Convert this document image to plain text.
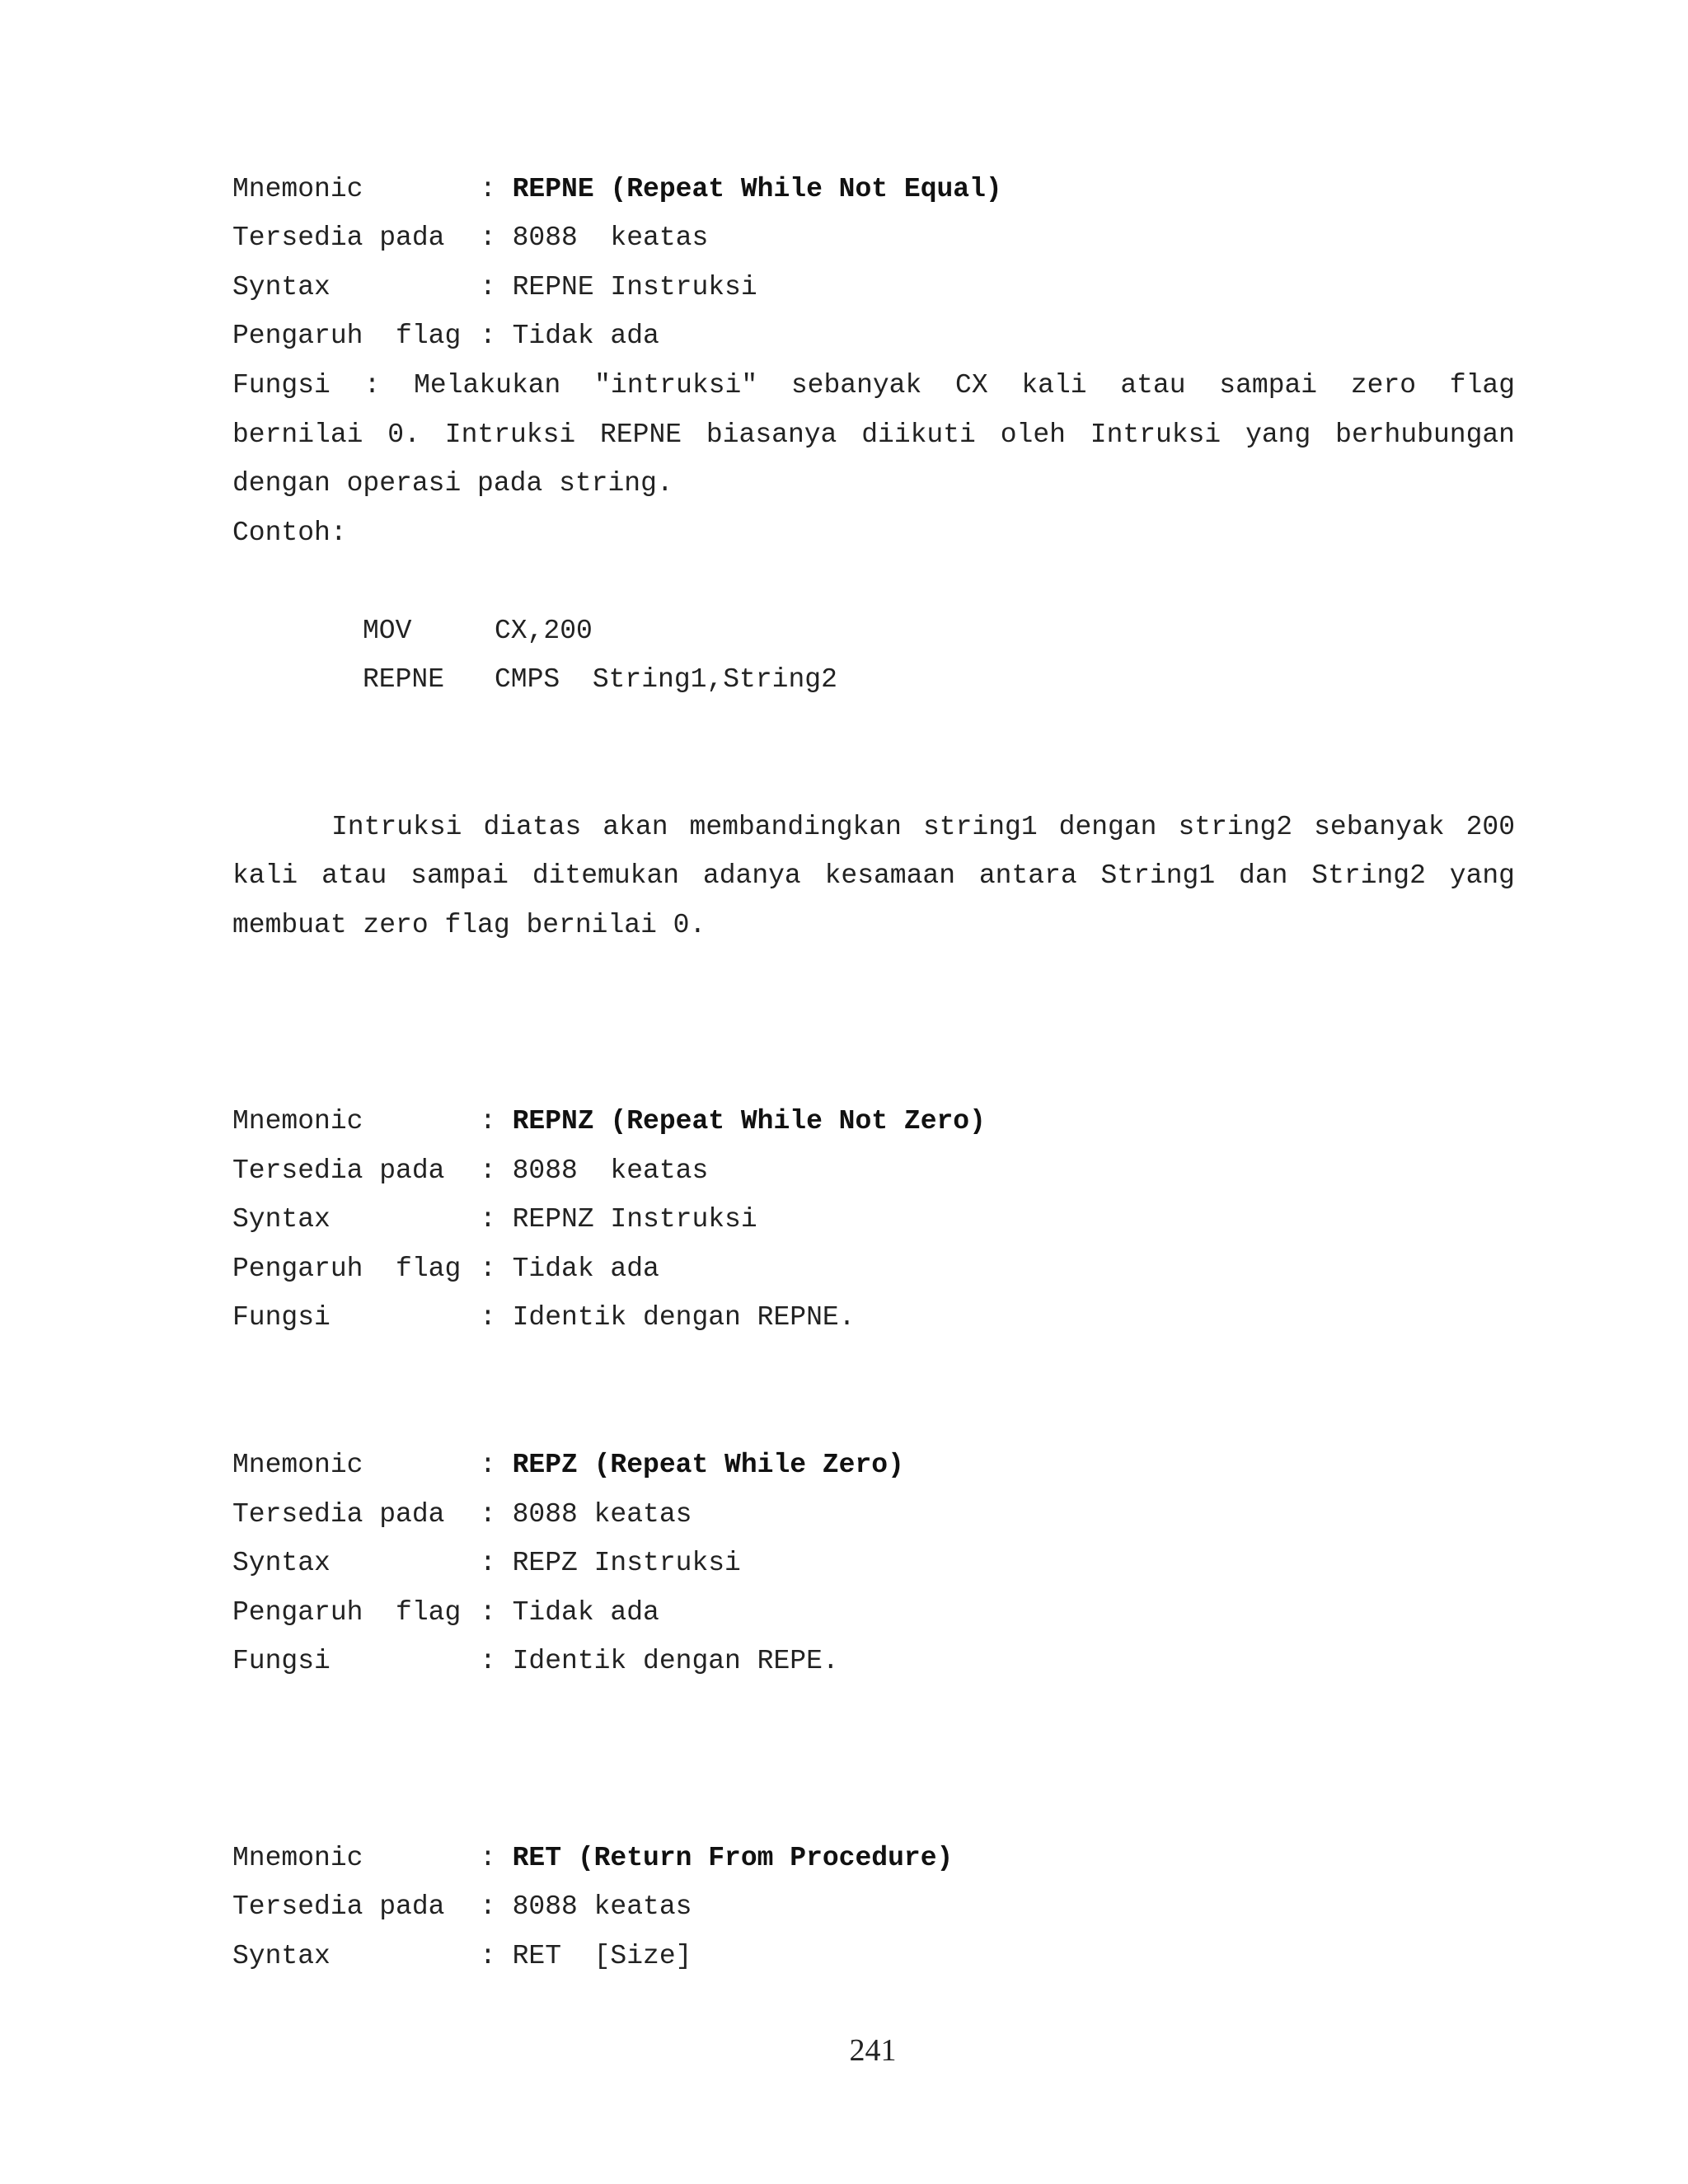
Mnemonic	: REPNE (Repeat While Not Equal)
Tersedia pada : 8088  keatas
Syntax	: REPNE Instruksi
Pengaruh  flag : Tidak ada
Fungsi : Melakukan "intruksi" sebanyak CX kali atau sampai zero flag
bernilai 0. Intruksi REPNE biasanya diikuti oleh Intruksi yang berhubungan
dengan operasi pada string.
Contoh:
MOV	CX,200
REPNE CMPS  String1,String2
Intruksi diatas akan membandingkan string1 dengan string2 sebanyak 200
kali atau sampai ditemukan adanya kesamaan antara String1 dan String2 yang
membuat zero flag bernilai 0.
Mnemonic	: REPNZ (Repeat While Not Zero)
Tersedia pada : 8088  keatas
Syntax	: REPNZ Instruksi
Pengaruh  flag : Tidak ada
Fungsi	: Identik dengan REPNE.
Mnemonic	: REPZ (Repeat While Zero)
Tersedia pada : 8088 keatas
Syntax	: REPZ Instruksi
Pengaruh  flag : Tidak ada
Fungsi	: Identik dengan REPE.
Mnemonic	: RET (Return From Procedure)
Tersedia pada : 8088 keatas
Syntax	: RET  [Size]
241
